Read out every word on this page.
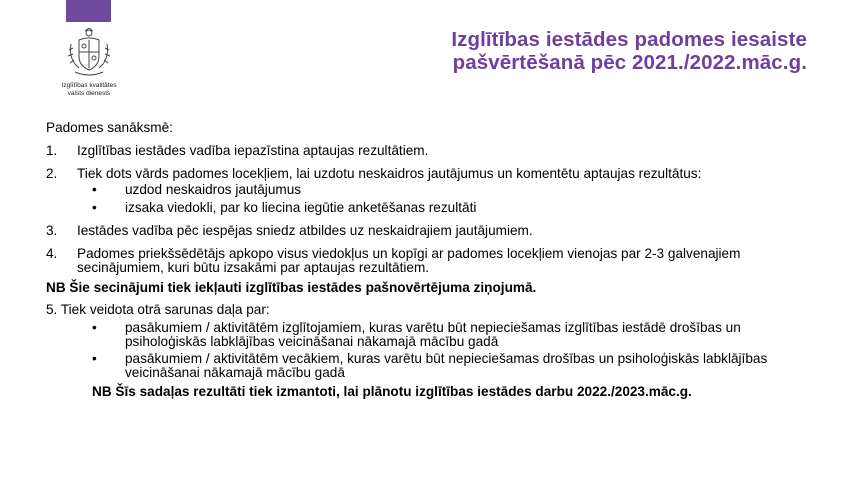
Izglītības kvalitātes
valsts dienests
Izglītības iestādes padomes iesaiste
pašvērtēšanā pēc 2021./2022.māc.g.
Padomes sanāksmē:
1.	Izglītības iestādes vadība iepazīstina aptaujas rezultātiem.
2.	Tiek dots vārds padomes locekļiem, lai uzdotu neskaidros jautājumus un komentētu aptaujas rezultātus:
•	uzdod neskaidros jautājumus
•	izsaka viedokli, par ko liecina iegūtie anketēšanas rezultāti
3.	Iestādes vadība pēc iespējas sniedz atbildes uz neskaidrajiem jautājumiem.
4.	Padomes priekšsēdētājs apkopo visus viedokļus un kopīgi ar padomes locekļiem vienojas par 2-3 galvenajiem secinājumiem, kuri būtu izsakāmi par aptaujas rezultātiem.
NB Šie secinājumi tiek iekļauti izglītības iestādes pašnovērtējuma ziņojumā.
5. Tiek veidota otrā sarunas daļa par:
•	pasākumiem / aktivitātēm izglītojamiem, kuras varētu būt nepieciešamas izglītības iestādē drošības un psiholoģiskās labklājības veicināšanai nākamajā mācību gadā
•	pasākumiem / aktivitātēm vecākiem, kuras varētu būt nepieciešamas drošības un psiholoģiskās labklājības veicināšanai nākamajā mācību gadā
NB Šīs sadaļas rezultāti tiek izmantoti, lai plānotu izglītības iestādes darbu 2022./2023.māc.g.
